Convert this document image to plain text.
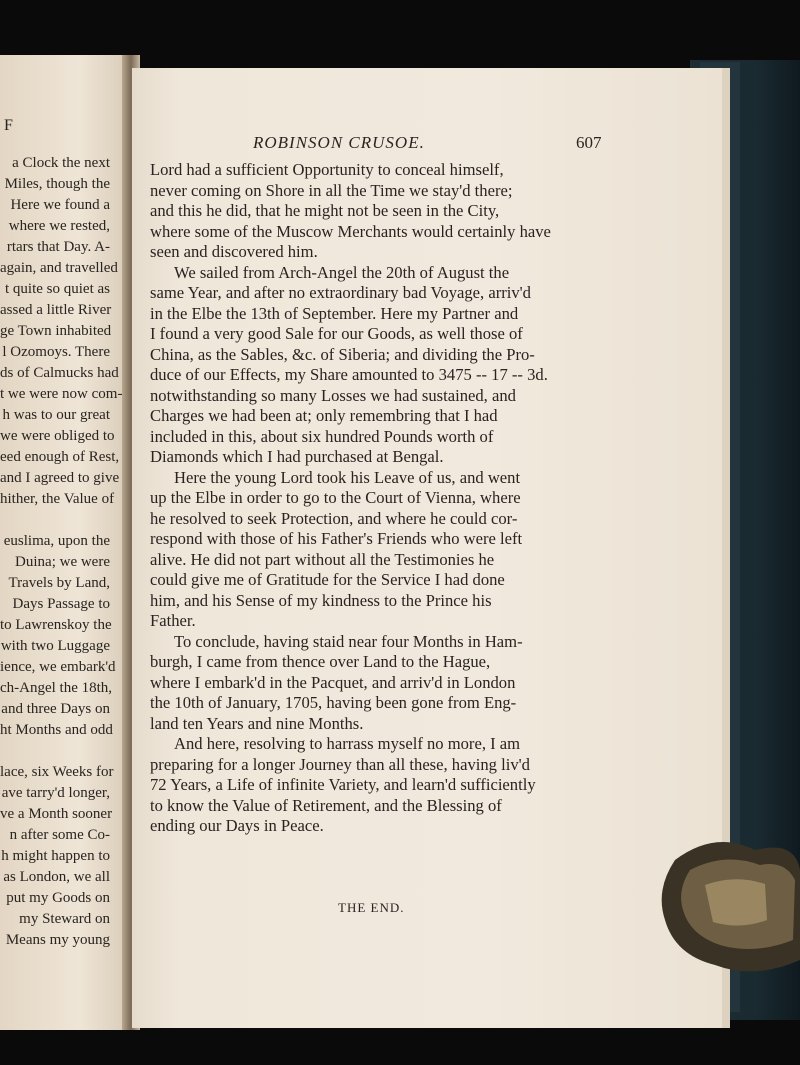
F
a Clock the next
Miles, though the
Here we found a
where we rested,
rtars that Day. A-
again, and travelled
t quite so quiet as
assed a little River
ge Town inhabited
l Ozomoys. There
ds of Calmucks had
t we were now com-
h was to our great
we were obliged to
eed enough of Rest,
and I agreed to give
hither, the Value of
euslima, upon the
Duina; we were
Travels by Land,
Days Passage to
to Lawrenskoy the
with two Luggage
ience, we embark'd
ch-Angel the 18th,
and three Days on
ht Months and odd
lace, six Weeks for
ave tarry'd longer,
ve a Month sooner
n after some Co-
h might happen to
as London, we all
put my Goods on
my Steward on
Means my young
ROBINSON CRUSOE.	607

Lord had a sufficient Opportunity to conceal himself,

never coming on Shore in all the Time we stay'd there;

and this he did, that he might not be seen in the City,

where some of the Muscow Merchants would certainly have

seen and discovered him.

We sailed from Arch-Angel the 20th of August the

same Year, and after no extraordinary bad Voyage, arriv'd

in the Elbe the 13th of September. Here my Partner and

I found a very good Sale for our Goods, as well those of

China, as the Sables, &c. of Siberia; and dividing the Pro-

duce of our Effects, my Share amounted to 3475 -- 17 -- 3d.

notwithstanding so many Losses we had sustained, and

Charges we had been at; only remembring that I had

included in this, about six hundred Pounds worth of

Diamonds which I had purchased at Bengal.

Here the young Lord took his Leave of us, and went

up the Elbe in order to go to the Court of Vienna, where

he resolved to seek Protection, and where he could cor-

respond with those of his Father's Friends who were left

alive. He did not part without all the Testimonies he

could give me of Gratitude for the Service I had done

him, and his Sense of my kindness to the Prince his

Father.

To conclude, having staid near four Months in Ham-

burgh, I came from thence over Land to the Hague,

where I embark'd in the Pacquet, and arriv'd in London

the 10th of January, 1705, having been gone from Eng-

land ten Years and nine Months.

And here, resolving to harrass myself no more, I am

preparing for a longer Journey than all these, having liv'd

72 Years, a Life of infinite Variety, and learn'd sufficiently

to know the Value of Retirement, and the Blessing of

ending our Days in Peace.

THE END.
